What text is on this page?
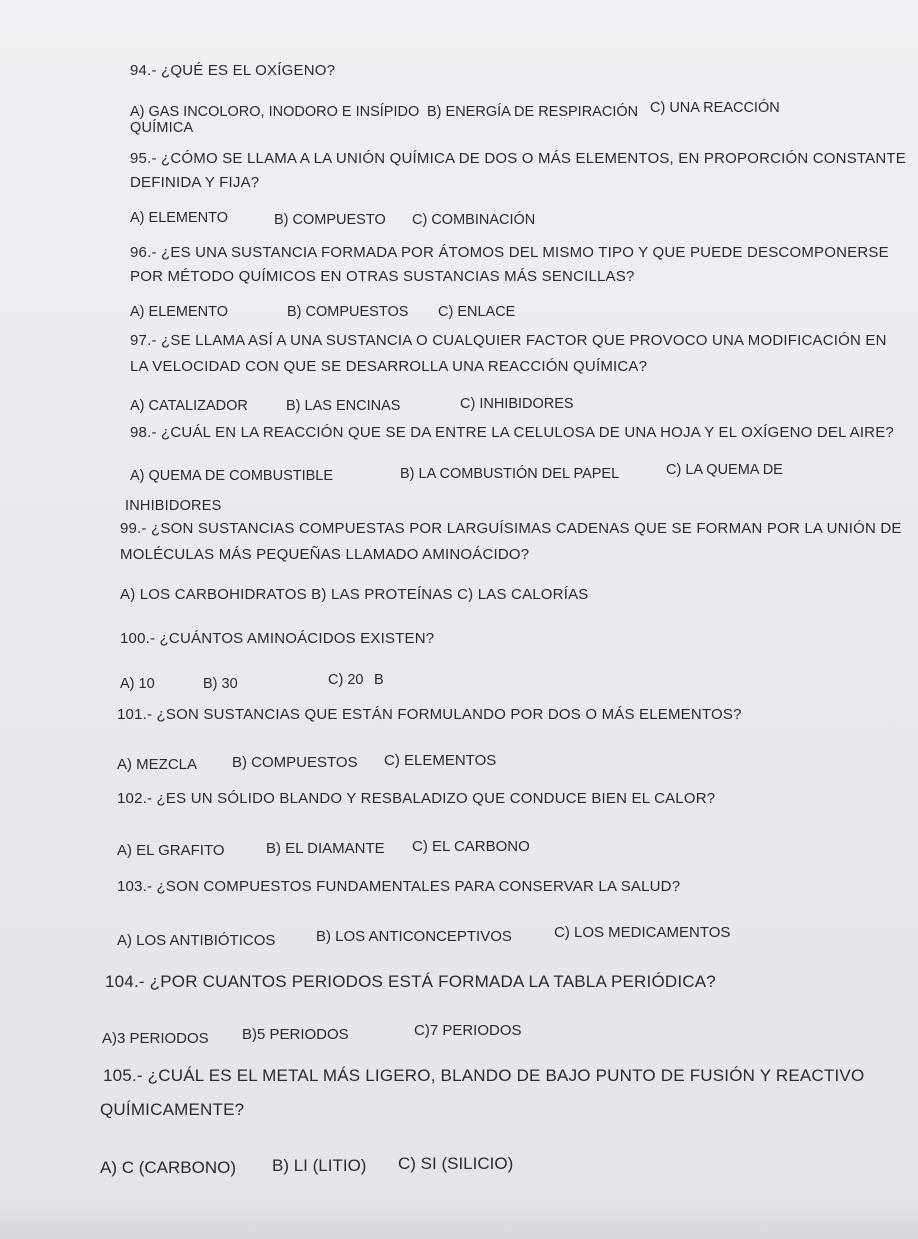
94.- ¿QUÉ ES EL OXÍGENO?
A) GAS INCOLORO, INODORO E INSÍPIDO B) ENERGÍA DE RESPIRACIÓN C) UNA REACCIÓN
QUÍMICA
95.- ¿CÓMO SE LLAMA A LA UNIÓN QUÍMICA DE DOS O MÁS ELEMENTOS, EN PROPORCIÓN CONSTANTE
DEFINIDA Y FIJA?
A) ELEMENTO	B) COMPUESTO C) COMBINACIÓN
96.- ¿ES UNA SUSTANCIA FORMADA POR ÁTOMOS DEL MISMO TIPO Y QUE PUEDE DESCOMPONERSE
POR MÉTODO QUÍMICOS EN OTRAS SUSTANCIAS MÁS SENCILLAS?
A) ELEMENTO	B) COMPUESTOS C) ENLACE
97.- ¿SE LLAMA ASÍ A UNA SUSTANCIA O CUALQUIER FACTOR QUE PROVOCO UNA MODIFICACIÓN EN
LA VELOCIDAD CON QUE SE DESARROLLA UNA REACCIÓN QUÍMICA?
A) CATALIZADOR	B) LAS ENCINAS	C) INHIBIDORES
98.- ¿CUÁL EN LA REACCIÓN QUE SE DA ENTRE LA CELULOSA DE UNA HOJA Y EL OXÍGENO DEL AIRE?
A) QUEMA DE COMBUSTIBLE	B) LA COMBUSTIÓN DEL PAPEL	C) LA QUEMA DE
INHIBIDORES
99.- ¿SON SUSTANCIAS COMPUESTAS POR LARGUÍSIMAS CADENAS QUE SE FORMAN POR LA UNIÓN DE
MOLÉCULAS MÁS PEQUEÑAS LLAMADO AMINOÁCIDO?
A) LOS CARBOHIDRATOS B) LAS PROTEÍNAS C) LAS CALORÍAS
100.- ¿CUÁNTOS AMINOÁCIDOS EXISTEN?
A) 10	B) 30	C) 20 B
101.- ¿SON SUSTANCIAS QUE ESTÁN FORMULANDO POR DOS O MÁS ELEMENTOS?
A) MEZCLA B) COMPUESTOS C) ELEMENTOS
102.- ¿ES UN SÓLIDO BLANDO Y RESBALADIZO QUE CONDUCE BIEN EL CALOR?
A) EL GRAFITO	B) EL DIAMANTE C) EL CARBONO
103.- ¿SON COMPUESTOS FUNDAMENTALES PARA CONSERVAR LA SALUD?
A) LOS ANTIBIÓTICOS	B) LOS ANTICONCEPTIVOS	C) LOS MEDICAMENTOS
104.- ¿POR CUANTOS PERIODOS ESTÁ FORMADA LA TABLA PERIÓDICA?
A)3 PERIODOS B)5 PERIODOS	C)7 PERIODOS
105.- ¿CUÁL ES EL METAL MÁS LIGERO, BLANDO DE BAJO PUNTO DE FUSIÓN Y REACTIVO
QUÍMICAMENTE?
A) C (CARBONO) B) LI (LITIO) C) SI (SILICIO)
